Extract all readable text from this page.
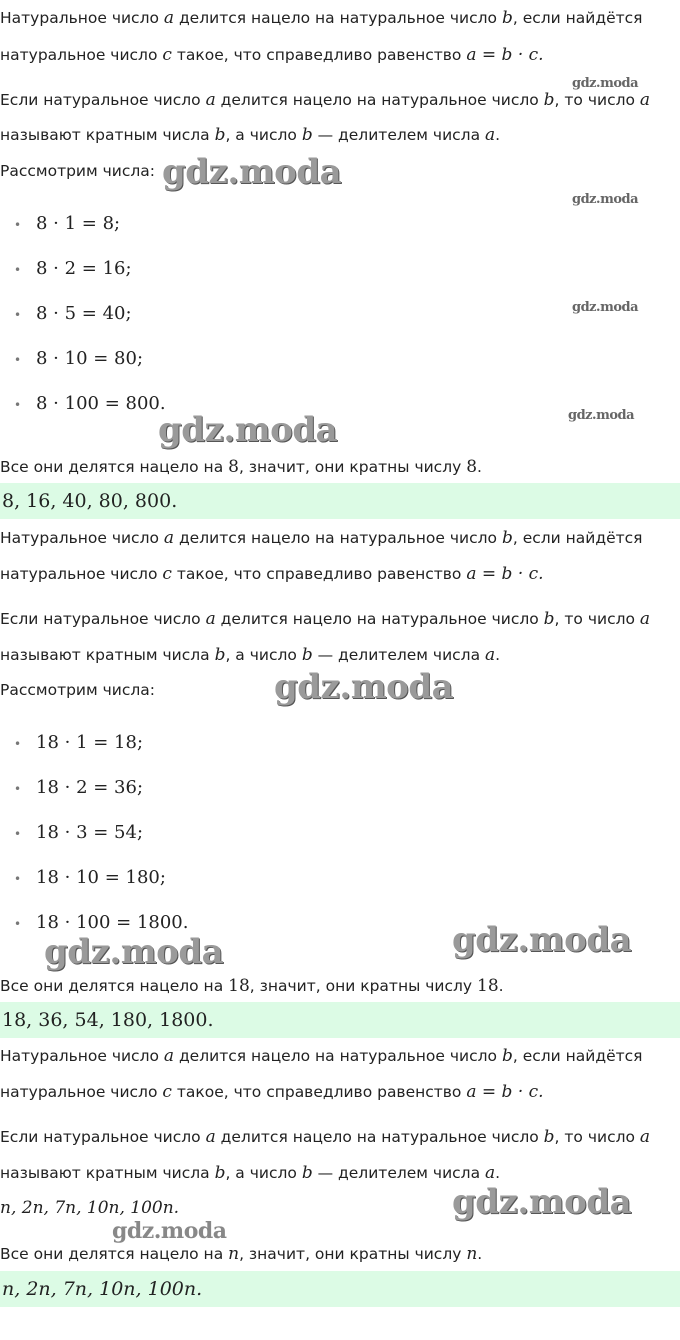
Натуральное число a делится нацело на натуральное число b, если найдётся
натуральное число c такое, что справедливо равенство a = b · c.
Если натуральное число a делится нацело на натуральное число b, то число a
называют кратным числа b, а число b — делителем числа a.
Рассмотрим числа:
• 8 · 1 = 8;
• 8 · 2 = 16;
• 8 · 5 = 40;
• 8 · 10 = 80;
• 8 · 100 = 800.
Все они делятся нацело на 8, значит, они кратны числу 8.
8, 16, 40, 80, 800.
Натуральное число a делится нацело на натуральное число b, если найдётся
натуральное число c такое, что справедливо равенство a = b · c.
Если натуральное число a делится нацело на натуральное число b, то число a
называют кратным числа b, а число b — делителем числа a.
Рассмотрим числа:
• 18 · 1 = 18;
• 18 · 2 = 36;
• 18 · 3 = 54;
• 18 · 10 = 180;
• 18 · 100 = 1800.
Все они делятся нацело на 18, значит, они кратны числу 18.
18, 36, 54, 180, 1800.
Натуральное число a делится нацело на натуральное число b, если найдётся
натуральное число c такое, что справедливо равенство a = b · c.
Если натуральное число a делится нацело на натуральное число b, то число a
называют кратным числа b, а число b — делителем числа a.
n, 2n, 7n, 10n, 100n.
Все они делятся нацело на n, значит, они кратны числу n.
n, 2n, 7n, 10n, 100n.
gdz.moda
gdz.moda
gdz.moda
gdz.moda
gdz.moda
gdz.moda
gdz.moda
gdz.moda	gdz.moda
gdz.moda
gdz.moda
